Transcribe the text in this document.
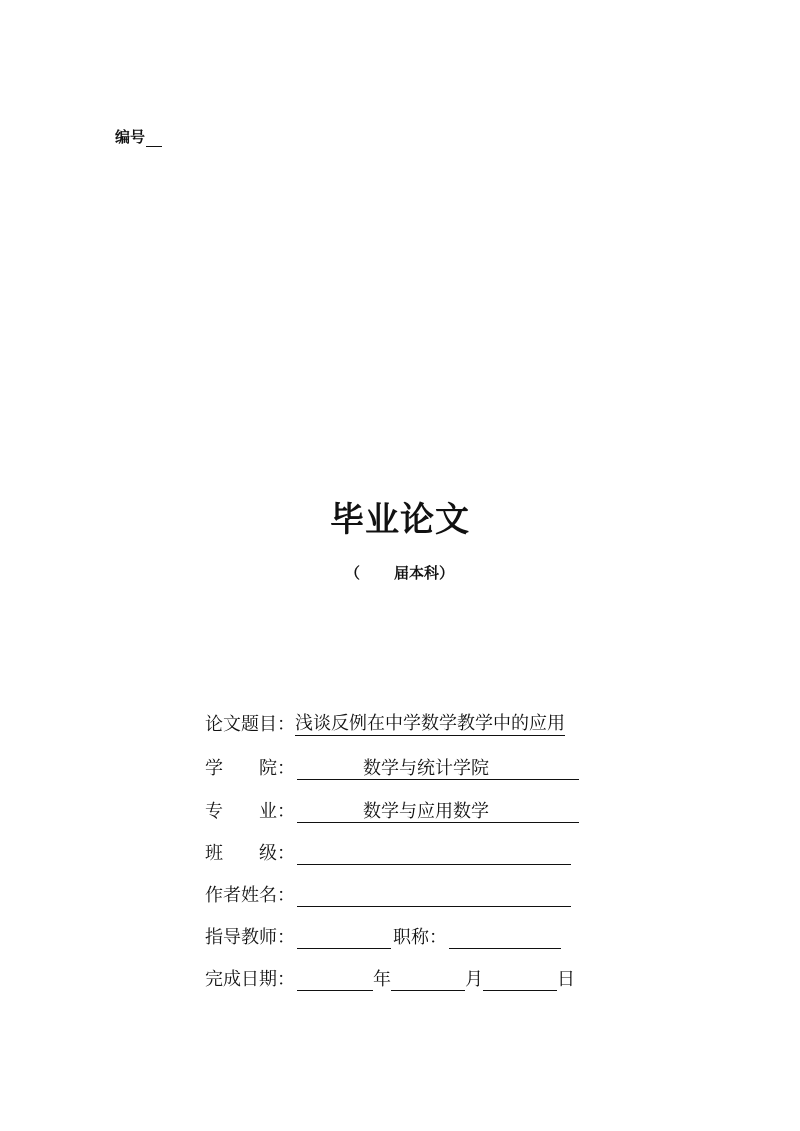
编号
毕业论文
（ 届本科）
论文题目： 浅谈反例在中学数学教学中的应用
学 院 ：	数学与统计学院
专 业 ：	数学与应用数学
班 级 ：
作者姓名 ：
指导教师 ：	职称：
完成日期 ：	年	月	日
